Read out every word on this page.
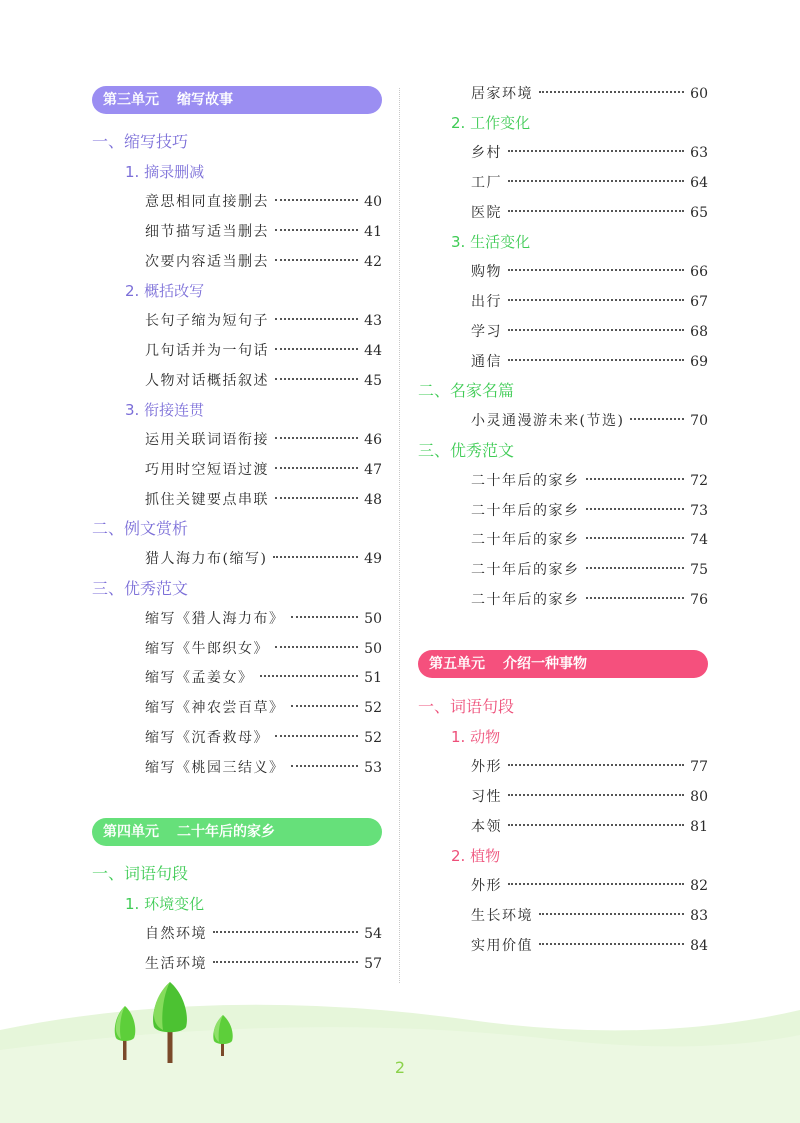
第三单元 缩写故事
一、缩写技巧
1. 摘录删减
意思相同直接删去	40
细节描写适当删去	41
次要内容适当删去	42
2. 概括改写
长句子缩为短句子	43
几句话并为一句话	44
人物对话概括叙述	45
3. 衔接连贯
运用关联词语衔接	46
巧用时空短语过渡	47
抓住关键要点串联	48
二、例文赏析
猎人海力布(缩写)	49
三、优秀范文
缩写《猎人海力布》	50
缩写《牛郎织女》	50
缩写《孟姜女》	51
缩写《神农尝百草》	52
缩写《沉香救母》	52
缩写《桃园三结义》	53
第四单元 二十年后的家乡
一、词语句段
1. 环境变化
自然环境	54
生活环境	57
居家环境	60
2. 工作变化
乡村	63
工厂	64
医院	65
3. 生活变化
购物	66
出行	67
学习	68
通信	69
二、名家名篇
小灵通漫游未来(节选)	70
三、优秀范文
二十年后的家乡	72
二十年后的家乡	73
二十年后的家乡	74
二十年后的家乡	75
二十年后的家乡	76
第五单元 介绍一种事物
一、词语句段
1. 动物
外形	77
习性	80
本领	81
2. 植物
外形	82
生长环境	83
实用价值	84
2
